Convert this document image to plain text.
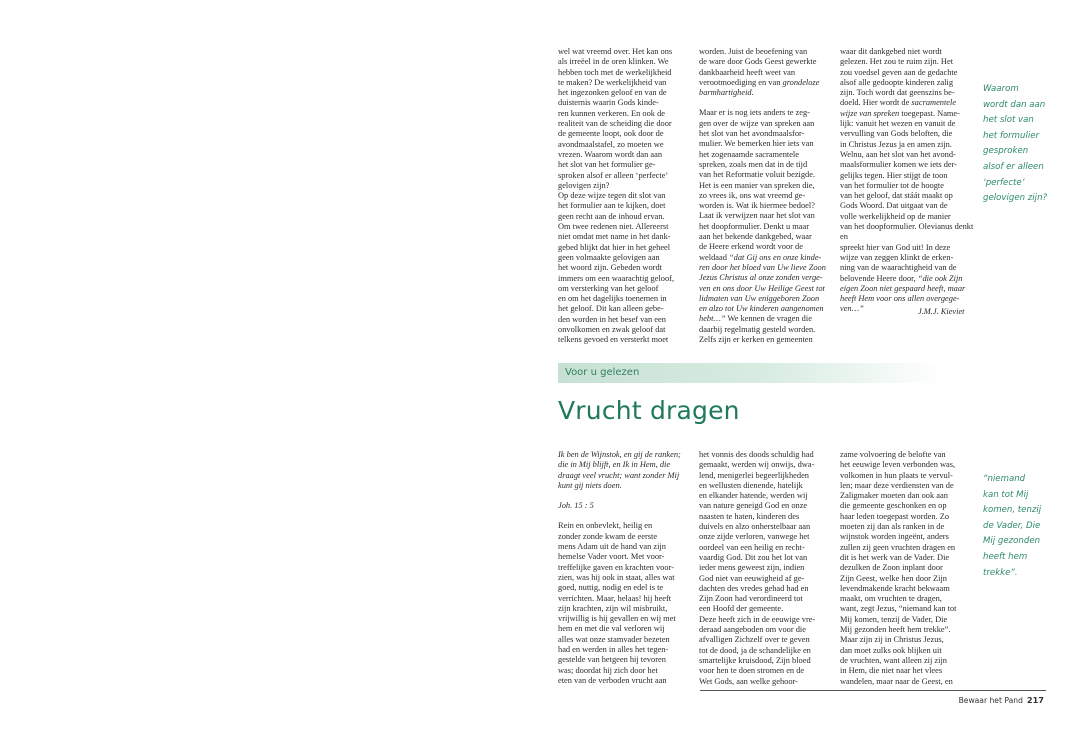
wel wat vreemd over. Het kan ons
als irreëel in de oren klinken. We
hebben toch met de werkelijkheid
te maken? De werkelijkheid van
het ingezonken geloof en van de
duisternis waarin Gods kinde-
ren kunnen verkeren. En ook de
realiteit van de scheiding die door
de gemeente loopt, ook door de
avondmaalstafel, zo moeten we
vrezen. Waarom wordt dan aan
het slot van het formulier ge-
sproken alsof er alleen ‘perfecte’
gelovigen zijn?

Op deze wijze tegen dit slot van
het formulier aan te kijken, doet
geen recht aan de inhoud ervan.
Om twee redenen niet. Allereerst
niet omdat met name in het dank-
gebed blijkt dat hier in het geheel
geen volmaakte gelovigen aan
het woord zijn. Gebeden wordt
immers om een waarachtig geloof,
om versterking van het geloof
en om het dagelijks toenemen in
het geloof. Dit kan alleen gebe-
den worden in het besef van een
onvolkomen en zwak geloof dat
telkens gevoed en versterkt moet

worden. Juist de beoefening van
de ware door Gods Geest gewerkte
dankbaarheid heeft weet van
verootmoediging en van grondeloze
barmhartigheid.

Maar er is nog iets anders te zeg-
gen over de wijze van spreken aan
het slot van het avondmaalsfor-
mulier. We bemerken hier iets van
het zogenaamde sacramentele
spreken, zoals men dat in de tijd
van het Reformatie voluit bezigde.
Het is een manier van spreken die,
zo vrees ik, ons wat vreemd ge-
worden is. Wat ik hiermee bedoel?
Laat ik verwijzen naar het slot van
het doopformulier. Denkt u maar
aan het bekende dankgebed, waar
de Heere erkend wordt voor de
weldaad “dat Gij ons en onze kinde-
ren door het bloed van Uw lieve Zoon
Jezus Christus al onze zonden verge-
ven en ons door Uw Heilige Geest tot
lidmaten van Uw eniggeboren Zoon
en alzo tot Uw kinderen aangenomen
hebt…” We kennen de vragen die
daarbij regelmatig gesteld worden.
Zelfs zijn er kerken en gemeenten

waar dit dankgebed niet wordt
gelezen. Het zou te ruim zijn. Het
zou voedsel geven aan de gedachte
alsof alle gedoopte kinderen zalig
zijn. Toch wordt dat geenszins be-
doeld. Hier wordt de sacramentele
wijze van spreken toegepast. Name-
lijk: vanuit het wezen en vanuit de
vervulling van Gods beloften, die
in Christus Jezus ja en amen zijn.
Welnu, aan het slot van het avond-
maalsformulier komen we iets der-
gelijks tegen. Hier stijgt de toon
van het formulier tot de hoogte
van het geloof, dat stáát maakt op
Gods Woord. Dat uitgaat van de
volle werkelijkheid op de manier
van het doopformulier. Olevianus denkt en
spreekt hier van God uit! In deze
wijze van zeggen klinkt de erken-
ning van de waarachtigheid van de
belovende Heere door, “die ook Zijn
eigen Zoon niet gespaard heeft, maar
heeft Hem voor ons allen overgege-
ven…”	J.M.J. Kieviet
Waarom
wordt dan aan
het slot van
het formulier
gesproken
alsof er alleen
‘perfecte’
gelovigen zijn?
Voor u gelezen
Vrucht dragen

Ik ben de Wijnstok, en gij de ranken;
die in Mij blijft, en Ik in Hem, die
draagt veel vrucht; want zonder Mij
kunt gij niets doen.

Joh. 15 : 5

Rein en onbevlekt, heilig en
zonder zonde kwam de eerste
mens Adam uit de hand van zijn
hemelse Vader voort. Met voor-
treffelijke gaven en krachten voor-
zien, was hij ook in staat, alles wat
goed, nuttig, nodig en edel is te
verrichten. Maar, helaas! hij heeft
zijn krachten, zijn wil misbruikt,
vrijwillig is hij gevallen en wij met
hem en met die val verloren wij
alles wat onze stamvader bezeten
had en werden in alles het tegen-
gestelde van hetgeen hij tevoren
was; doordat hij zich door het
eten van de verboden vrucht aan

het vonnis des doods schuldig had
gemaakt, werden wij onwijs, dwa-
lend, menigerlei begeerlijkheden
en wellusten dienende, hatelijk
en elkander hatende, werden wij
van nature geneigd God en onze
naasten te haten, kinderen des
duivels en alzo onherstelbaar aan
onze zijde verloren, vanwege het
oordeel van een heilig en recht-
vaardig God. Dit zou het lot van
ieder mens geweest zijn, indien
God niet van eeuwigheid af ge-
dachten des vredes gehad had en
Zijn Zoon had verordineerd tot
een Hoofd der gemeente.
Deze heeft zich in de eeuwige vre-
deraad aangeboden om voor die
afvalligen Zichzelf over te geven
tot de dood, ja de schandelijke en
smartelijke kruisdood, Zijn bloed
voor hen te doen stromen en de
Wet Gods, aan welke gehoor-

zame volvoering de belofte van
het eeuwige leven verbonden was,
volkomen in hun plaats te vervul-
len; maar deze verdiensten van de
Zaligmaker moeten dan ook aan
die gemeente geschonken en op
haar leden toegepast worden. Zo
moeten zij dan als ranken in de
wijnstok worden ingeënt, anders
zullen zij geen vruchten dragen en
dit is het werk van de Vader. Die
dezulken de Zoon inplant door
Zijn Geest, welke hen door Zijn
levendmakende kracht bekwaam
maakt, om vruchten te dragen,
want, zegt Jezus, “niemand kan tot
Mij komen, tenzij de Vader, Die
Mij gezonden heeft hem trekke”.
Maar zijn zij in Christus Jezus,
dan moet zulks ook blijken uit
de vruchten, want alleen zij zijn
in Hem, die niet naar het vlees
wandelen, maar naar de Geest, en

“niemand
kan tot Mij
komen, tenzij
de Vader, Die
Mij gezonden
heeft hem
trekke”.
Bewaar het Pand 217
